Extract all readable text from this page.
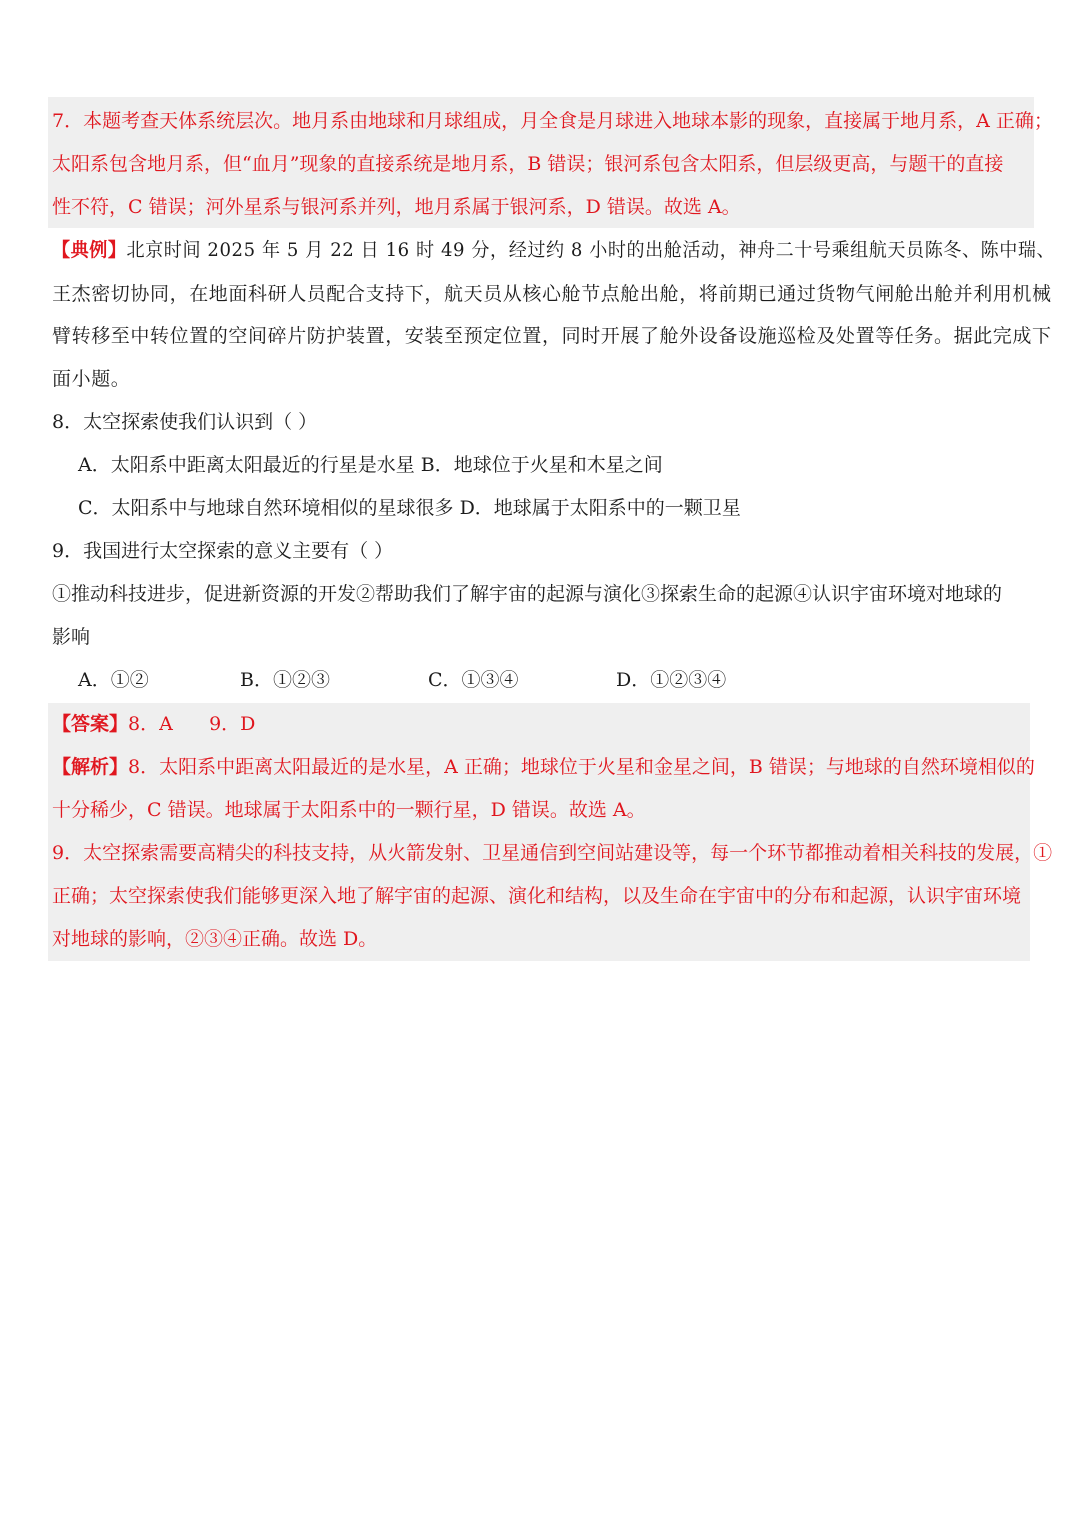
7．本题考查天体系统层次。地月系由地球和月球组成，月全食是月球进入地球本影的现象，直接属于地月系，A 正确；
太阳系包含地月系，但“血月”现象的直接系统是地月系，B 错误；银河系包含太阳系，但层级更高，与题干的直接
性不符，C 错误；河外星系与银河系并列，地月系属于银河系，D 错误。故选 A。
【典例】北京时间 2025 年 5 月 22 日 16 时 49 分，经过约 8 小时的出舱活动，神舟二十号乘组航天员陈冬、陈中瑞、
王杰密切协同，在地面科研人员配合支持下，航天员从核心舱节点舱出舱，将前期已通过货物气闸舱出舱并利用机械
臂转移至中转位置的空间碎片防护装置，安装至预定位置，同时开展了舱外设备设施巡检及处置等任务。据此完成下
面小题。
8．太空探索使我们认识到（ ）
A．太阳系中距离太阳最近的行星是水星 B．地球位于火星和木星之间
C．太阳系中与地球自然环境相似的星球很多 D．地球属于太阳系中的一颗卫星
9．我国进行太空探索的意义主要有（ ）
①推动科技进步，促进新资源的开发②帮助我们了解宇宙的起源与演化③探索生命的起源④认识宇宙环境对地球的
影响
A．①②	B．①②③	C．①③④	D．①②③④
【答案】8．A      9．D
【解析】8．太阳系中距离太阳最近的是水星，A 正确；地球位于火星和金星之间，B 错误；与地球的自然环境相似的
十分稀少，C 错误。地球属于太阳系中的一颗行星，D 错误。故选 A。
9．太空探索需要高精尖的科技支持，从火箭发射、卫星通信到空间站建设等，每一个环节都推动着相关科技的发展，①
正确；太空探索使我们能够更深入地了解宇宙的起源、演化和结构，以及生命在宇宙中的分布和起源，认识宇宙环境
对地球的影响，②③④正确。故选 D。
